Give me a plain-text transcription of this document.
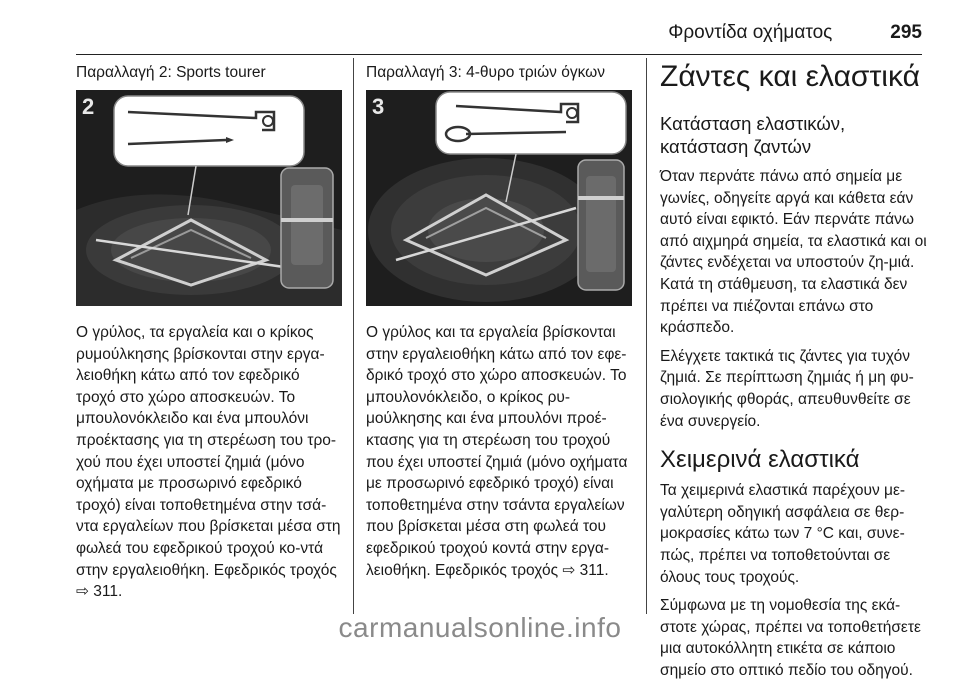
Φροντίδα οχήματος	295

Παραλλαγή 2: Sports tourer

2

Ο γρύλος, τα εργαλεία και ο κρίκος ρυμούλκησης βρίσκονται στην εργα-λειοθήκη κάτω από τον εφεδρικό τροχό στο χώρο αποσκευών. Το μπουλονόκλειδο και ένα μπουλόνι προέκτασης για τη στερέωση του τρο-χού που έχει υποστεί ζημιά (μόνο οχήματα με προσωρινό εφεδρικό τροχό) είναι τοποθετημένα στην τσά-ντα εργαλείων που βρίσκεται μέσα στη φωλεά του εφεδρικού τροχού κο-ντά στην εργαλειοθήκη. Εφεδρικός τροχός ⇨ 311.

Παραλλαγή 3: 4-θυρο τριών όγκων

3

Ο γρύλος και τα εργαλεία βρίσκονται στην εργαλειοθήκη κάτω από τον εφε-δρικό τροχό στο χώρο αποσκευών. Το μπουλονόκλειδο, ο κρίκος ρυ-μούλκησης και ένα μπουλόνι προέ-κτασης για τη στερέωση του τροχού που έχει υποστεί ζημιά (μόνο οχήματα με προσωρινό εφεδρικό τροχό) είναι τοποθετημένα στην τσάντα εργαλείων που βρίσκεται μέσα στη φωλεά του εφεδρικού τροχού κοντά στην εργα-λειοθήκη. Εφεδρικός τροχός ⇨ 311.

Ζάντες και ελαστικά
Κατάσταση ελαστικών, κατάσταση ζαντών

Όταν περνάτε πάνω από σημεία με γωνίες, οδηγείτε αργά και κάθετα εάν αυτό είναι εφικτό. Εάν περνάτε πάνω από αιχμηρά σημεία, τα ελαστικά και οι ζάντες ενδέχεται να υποστούν ζη-μιά. Κατά τη στάθμευση, τα ελαστικά δεν πρέπει να πιέζονται επάνω στο κράσπεδο.

Ελέγχετε τακτικά τις ζάντες για τυχόν ζημιά. Σε περίπτωση ζημιάς ή μη φυ-σιολογικής φθοράς, απευθυνθείτε σε ένα συνεργείο.

Χειμερινά ελαστικά

Τα χειμερινά ελαστικά παρέχουν με-γαλύτερη οδηγική ασφάλεια σε θερ-μοκρασίες κάτω των 7 °C και, συνε-πώς, πρέπει να τοποθετούνται σε όλους τους τροχούς.

Σύμφωνα με τη νομοθεσία της εκά-στοτε χώρας, πρέπει να τοποθετήσετε μια αυτοκόλλητη ετικέτα σε κάποιο σημείο στο οπτικό πεδίο του οδηγού.

carmanualsonline.info
